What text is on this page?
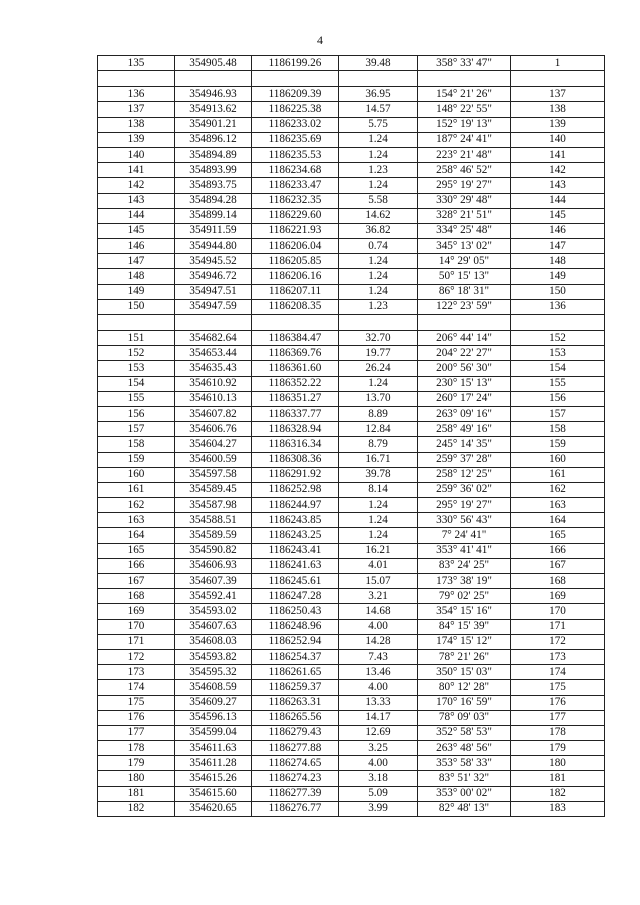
4
135	354905.48	1186199.26	39.48	358° 33' 47"	1

136	354946.93	1186209.39	36.95	154° 21' 26"	137
137	354913.62	1186225.38	14.57	148° 22' 55"	138
138	354901.21	1186233.02	5.75	152° 19' 13"	139
139	354896.12	1186235.69	1.24	187° 24' 41"	140
140	354894.89	1186235.53	1.24	223° 21' 48"	141
141	354893.99	1186234.68	1.23	258° 46' 52"	142
142	354893.75	1186233.47	1.24	295° 19' 27"	143
143	354894.28	1186232.35	5.58	330° 29' 48"	144
144	354899.14	1186229.60	14.62	328° 21' 51"	145
145	354911.59	1186221.93	36.82	334° 25' 48"	146
146	354944.80	1186206.04	0.74	345° 13' 02"	147
147	354945.52	1186205.85	1.24	14° 29' 05"	148
148	354946.72	1186206.16	1.24	50° 15' 13"	149
149	354947.51	1186207.11	1.24	86° 18' 31"	150
150	354947.59	1186208.35	1.23	122° 23' 59"	136

151	354682.64	1186384.47	32.70	206° 44' 14"	152
152	354653.44	1186369.76	19.77	204° 22' 27"	153
153	354635.43	1186361.60	26.24	200° 56' 30"	154
154	354610.92	1186352.22	1.24	230° 15' 13"	155
155	354610.13	1186351.27	13.70	260° 17' 24"	156
156	354607.82	1186337.77	8.89	263° 09' 16"	157
157	354606.76	1186328.94	12.84	258° 49' 16"	158
158	354604.27	1186316.34	8.79	245° 14' 35"	159
159	354600.59	1186308.36	16.71	259° 37' 28"	160
160	354597.58	1186291.92	39.78	258° 12' 25"	161
161	354589.45	1186252.98	8.14	259° 36' 02"	162
162	354587.98	1186244.97	1.24	295° 19' 27"	163
163	354588.51	1186243.85	1.24	330° 56' 43"	164
164	354589.59	1186243.25	1.24	7° 24' 41"	165
165	354590.82	1186243.41	16.21	353° 41' 41"	166
166	354606.93	1186241.63	4.01	83° 24' 25"	167
167	354607.39	1186245.61	15.07	173° 38' 19"	168
168	354592.41	1186247.28	3.21	79° 02' 25"	169
169	354593.02	1186250.43	14.68	354° 15' 16"	170
170	354607.63	1186248.96	4.00	84° 15' 39"	171
171	354608.03	1186252.94	14.28	174° 15' 12"	172
172	354593.82	1186254.37	7.43	78° 21' 26"	173
173	354595.32	1186261.65	13.46	350° 15' 03"	174
174	354608.59	1186259.37	4.00	80° 12' 28"	175
175	354609.27	1186263.31	13.33	170° 16' 59"	176
176	354596.13	1186265.56	14.17	78° 09' 03"	177
177	354599.04	1186279.43	12.69	352° 58' 53"	178
178	354611.63	1186277.88	3.25	263° 48' 56"	179
179	354611.28	1186274.65	4.00	353° 58' 33"	180
180	354615.26	1186274.23	3.18	83° 51' 32"	181
181	354615.60	1186277.39	5.09	353° 00' 02"	182
182	354620.65	1186276.77	3.99	82° 48' 13"	183
